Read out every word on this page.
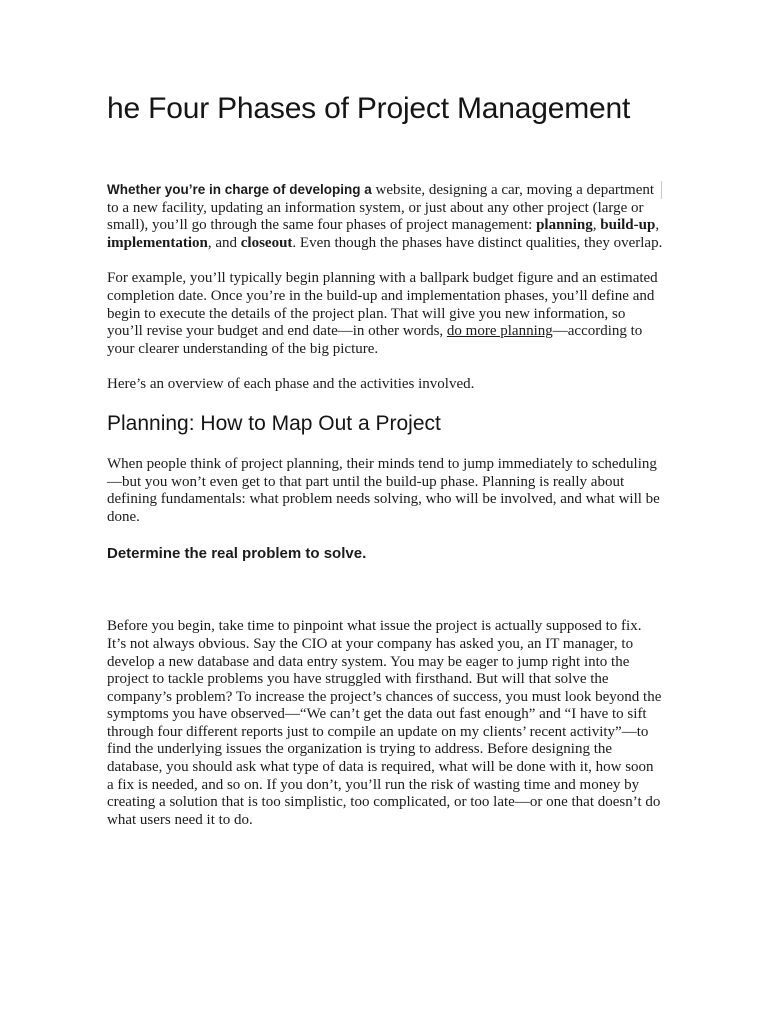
he Four Phases of Project Management

Whether you’re in charge of developing a website, designing a car, moving a department to a new facility, updating an information system, or just about any other project (large or small), you’ll go through the same four phases of project management: planning, build-up, implementation, and closeout. Even though the phases have distinct qualities, they overlap.

For example, you’ll typically begin planning with a ballpark budget figure and an estimated completion date. Once you’re in the build-up and implementation phases, you’ll define and begin to execute the details of the project plan. That will give you new information, so you’ll revise your budget and end date—in other words, do more planning—according to your clearer understanding of the big picture.

Here’s an overview of each phase and the activities involved.

Planning: How to Map Out a Project

When people think of project planning, their minds tend to jump immediately to scheduling—but you won’t even get to that part until the build-up phase. Planning is really about defining fundamentals: what problem needs solving, who will be involved, and what will be done.

Determine the real problem to solve.

Before you begin, take time to pinpoint what issue the project is actually supposed to fix. It’s not always obvious. Say the CIO at your company has asked you, an IT manager, to develop a new database and data entry system. You may be eager to jump right into the project to tackle problems you have struggled with firsthand. But will that solve the company’s problem? To increase the project’s chances of success, you must look beyond the symptoms you have observed—“We can’t get the data out fast enough” and “I have to sift through four different reports just to compile an update on my clients’ recent activity”—to find the underlying issues the organization is trying to address. Before designing the database, you should ask what type of data is required, what will be done with it, how soon a fix is needed, and so on. If you don’t, you’ll run the risk of wasting time and money by creating a solution that is too simplistic, too complicated, or too late—or one that doesn’t do what users need it to do.
